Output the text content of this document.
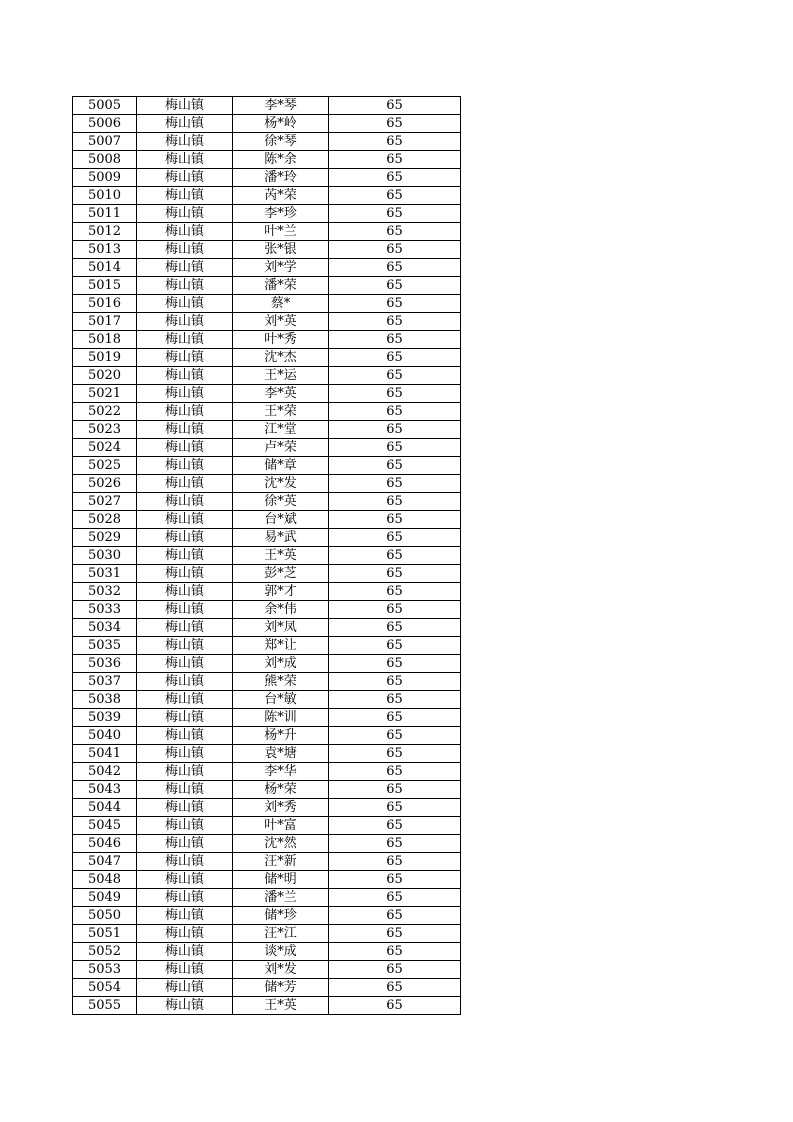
5005	梅山镇	李*琴	65
5006	梅山镇	杨*岭	65
5007	梅山镇	徐*琴	65
5008	梅山镇	陈*余	65
5009	梅山镇	潘*玲	65
5010	梅山镇	芮*荣	65
5011	梅山镇	李*珍	65
5012	梅山镇	叶*兰	65
5013	梅山镇	张*银	65
5014	梅山镇	刘*学	65
5015	梅山镇	潘*荣	65
5016	梅山镇	蔡*	65
5017	梅山镇	刘*英	65
5018	梅山镇	叶*秀	65
5019	梅山镇	沈*杰	65
5020	梅山镇	王*运	65
5021	梅山镇	李*英	65
5022	梅山镇	王*荣	65
5023	梅山镇	江*堂	65
5024	梅山镇	卢*荣	65
5025	梅山镇	储*章	65
5026	梅山镇	沈*发	65
5027	梅山镇	徐*英	65
5028	梅山镇	台*斌	65
5029	梅山镇	易*武	65
5030	梅山镇	王*英	65
5031	梅山镇	彭*芝	65
5032	梅山镇	郭*才	65
5033	梅山镇	余*伟	65
5034	梅山镇	刘*凤	65
5035	梅山镇	郑*让	65
5036	梅山镇	刘*成	65
5037	梅山镇	熊*荣	65
5038	梅山镇	台*敏	65
5039	梅山镇	陈*训	65
5040	梅山镇	杨*升	65
5041	梅山镇	袁*塘	65
5042	梅山镇	李*华	65
5043	梅山镇	杨*荣	65
5044	梅山镇	刘*秀	65
5045	梅山镇	叶*富	65
5046	梅山镇	沈*然	65
5047	梅山镇	汪*新	65
5048	梅山镇	储*明	65
5049	梅山镇	潘*兰	65
5050	梅山镇	储*珍	65
5051	梅山镇	汪*江	65
5052	梅山镇	谈*成	65
5053	梅山镇	刘*发	65
5054	梅山镇	储*芳	65
5055	梅山镇	王*英	65
